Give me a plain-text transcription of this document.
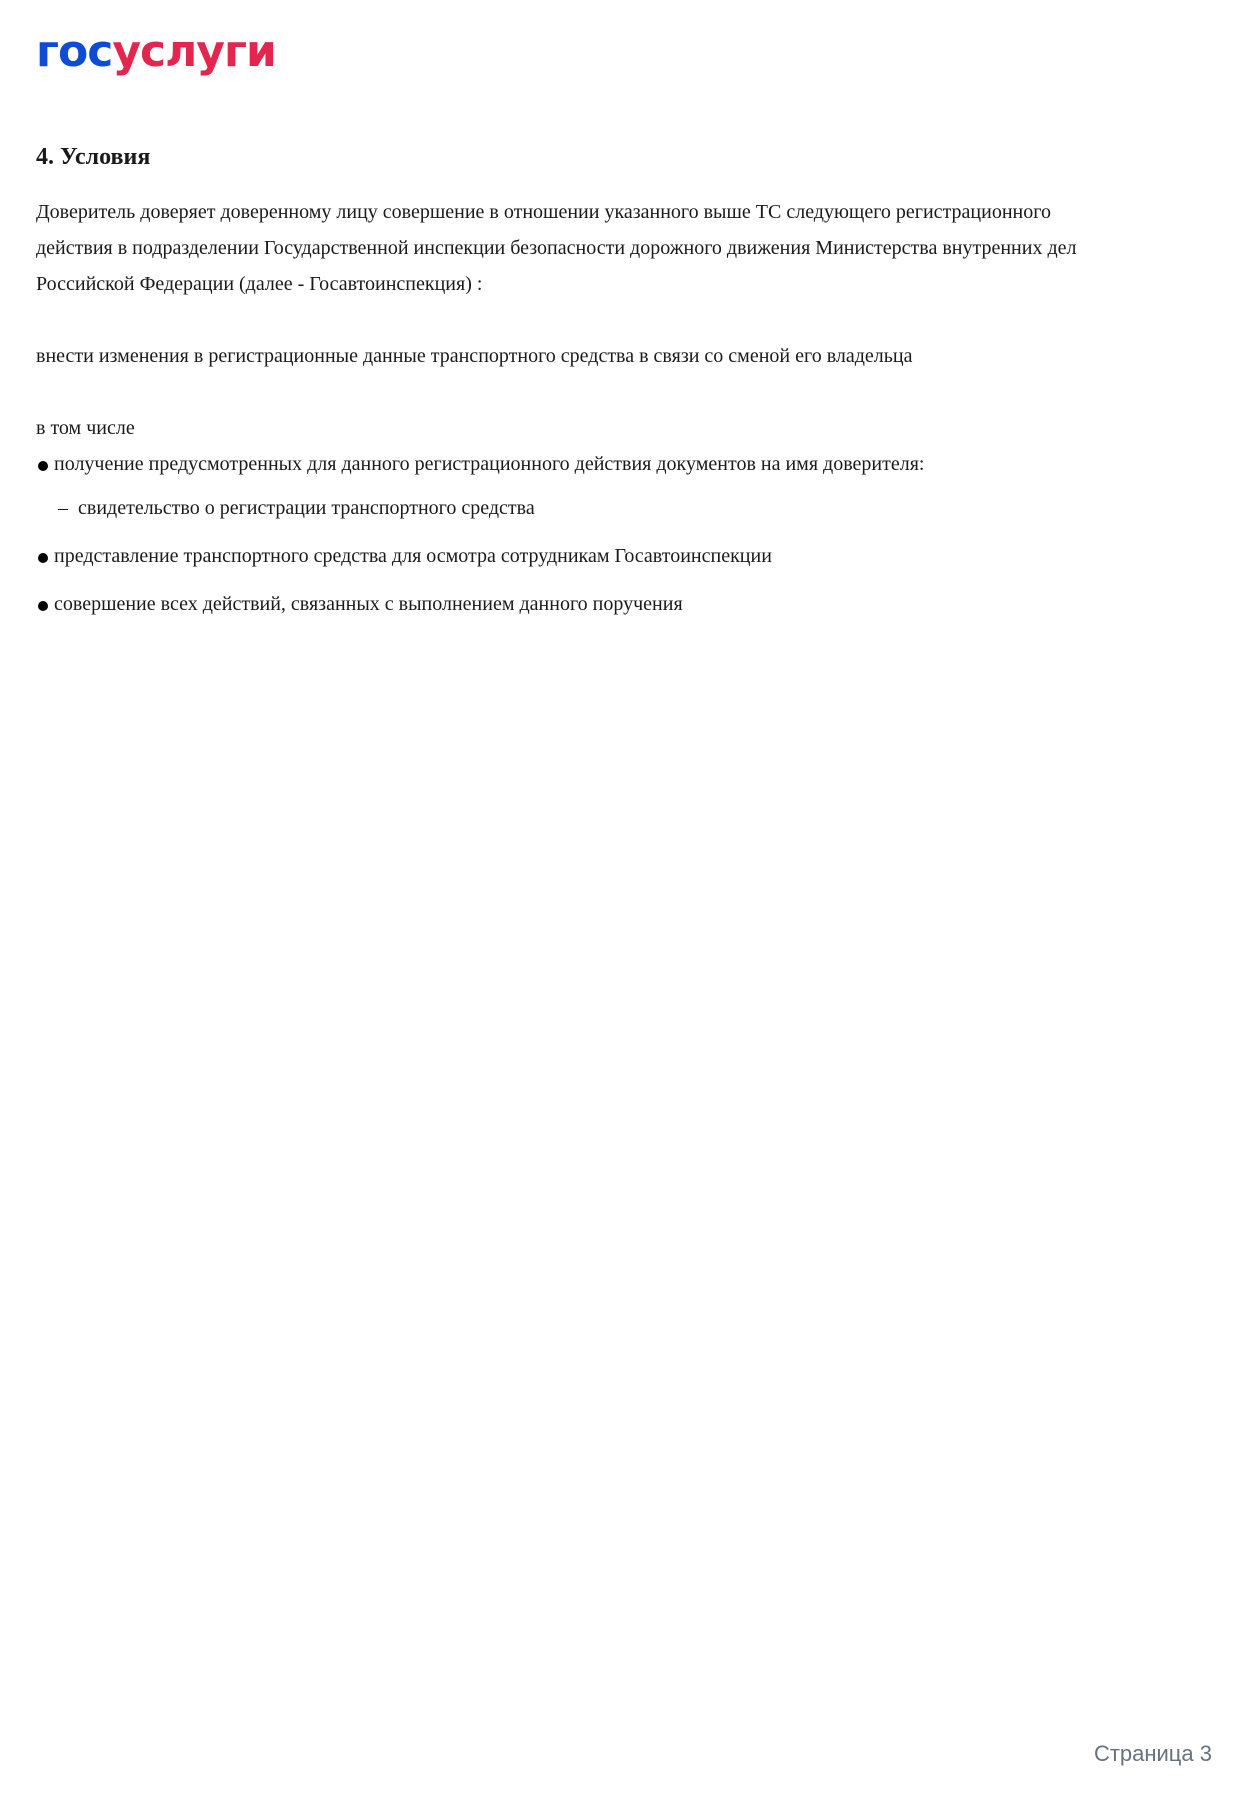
госуслуги
4. Условия

Доверитель доверяет доверенному лицу совершение в отношении указанного выше ТС следующего регистрационного

действия в подразделении Государственной инспекции безопасности дорожного движения Министерства внутренних дел

Российской Федерации (далее - Госавтоинспекция) :

внести изменения в регистрационные данные транспортного средства в связи со сменой его владельца

в том числе

получение предусмотренных для данного регистрационного действия документов на имя доверителя:
– свидетельство о регистрации транспортного средства
представление транспортного средства для осмотра сотрудникам Госавтоинспекции
совершение всех действий, связанных с выполнением данного поручения
Страница 3
